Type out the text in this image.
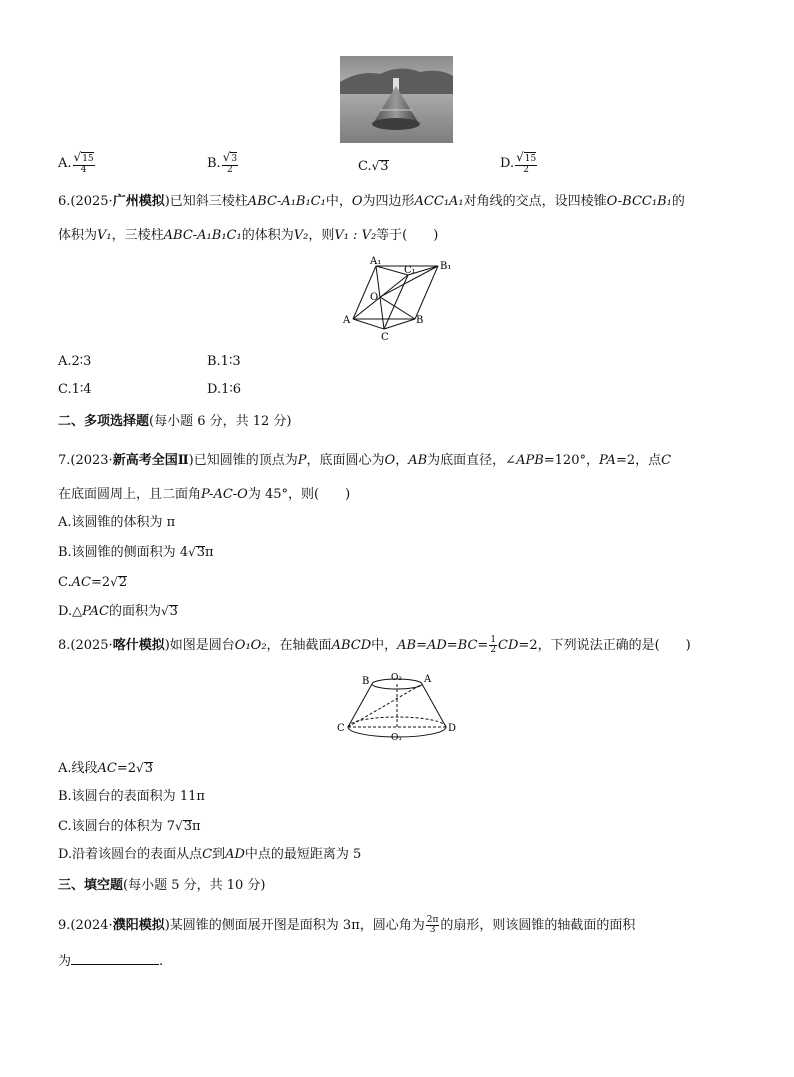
A. $\frac{√15}{4}$	B. $\frac{√3}{2}$	C.√3	D. $\frac{√15}{2}$
6.(2025·广州模拟)已知斜三棱柱ABC-A₁B₁C₁中，O为四边形ACC₁A₁对角线的交点，设四棱锥O-BCC₁B₁的
体积为V₁，三棱柱ABC-A₁B₁C₁的体积为V₂，则V₁ : V₂等于(　　)
A₁
C₁ B₁
O
A	B
C
A.2∶3	B.1∶3
C.1∶4	D.1∶6
二、多项选择题(每小题 6 分，共 12 分)
7.(2023·新高考全国Ⅱ)已知圆锥的顶点为P，底面圆心为O，AB为底面直径，∠APB=120°，PA=2，点C
在底面圆周上，且二面角P-AC-O为 45°，则(　　)
A.该圆锥的体积为 π
B.该圆锥的侧面积为 4√3π
C.AC=2√2
D.△PAC的面积为√3
8.(2025·喀什模拟)如图是圆台O₁O₂，在轴截面ABCD中，$AB=AD=BC= \frac{1}{2} CD=2$，下列说法正确的是(　　)
B O₂ A
C
O₁
D
A.线段AC=2√3
B.该圆台的表面积为 11π
C.该圆台的体积为 7√3π
D.沿着该圆台的表面从点C到AD中点的最短距离为 5
三、填空题(每小题 5 分，共 10 分)
9.(2024·濮阳模拟)某圆锥的侧面展开图是面积为 3π，圆心角为 $\frac{2\pi}{3}$ 的扇形，则该圆锥的轴截面的面积
为	.
